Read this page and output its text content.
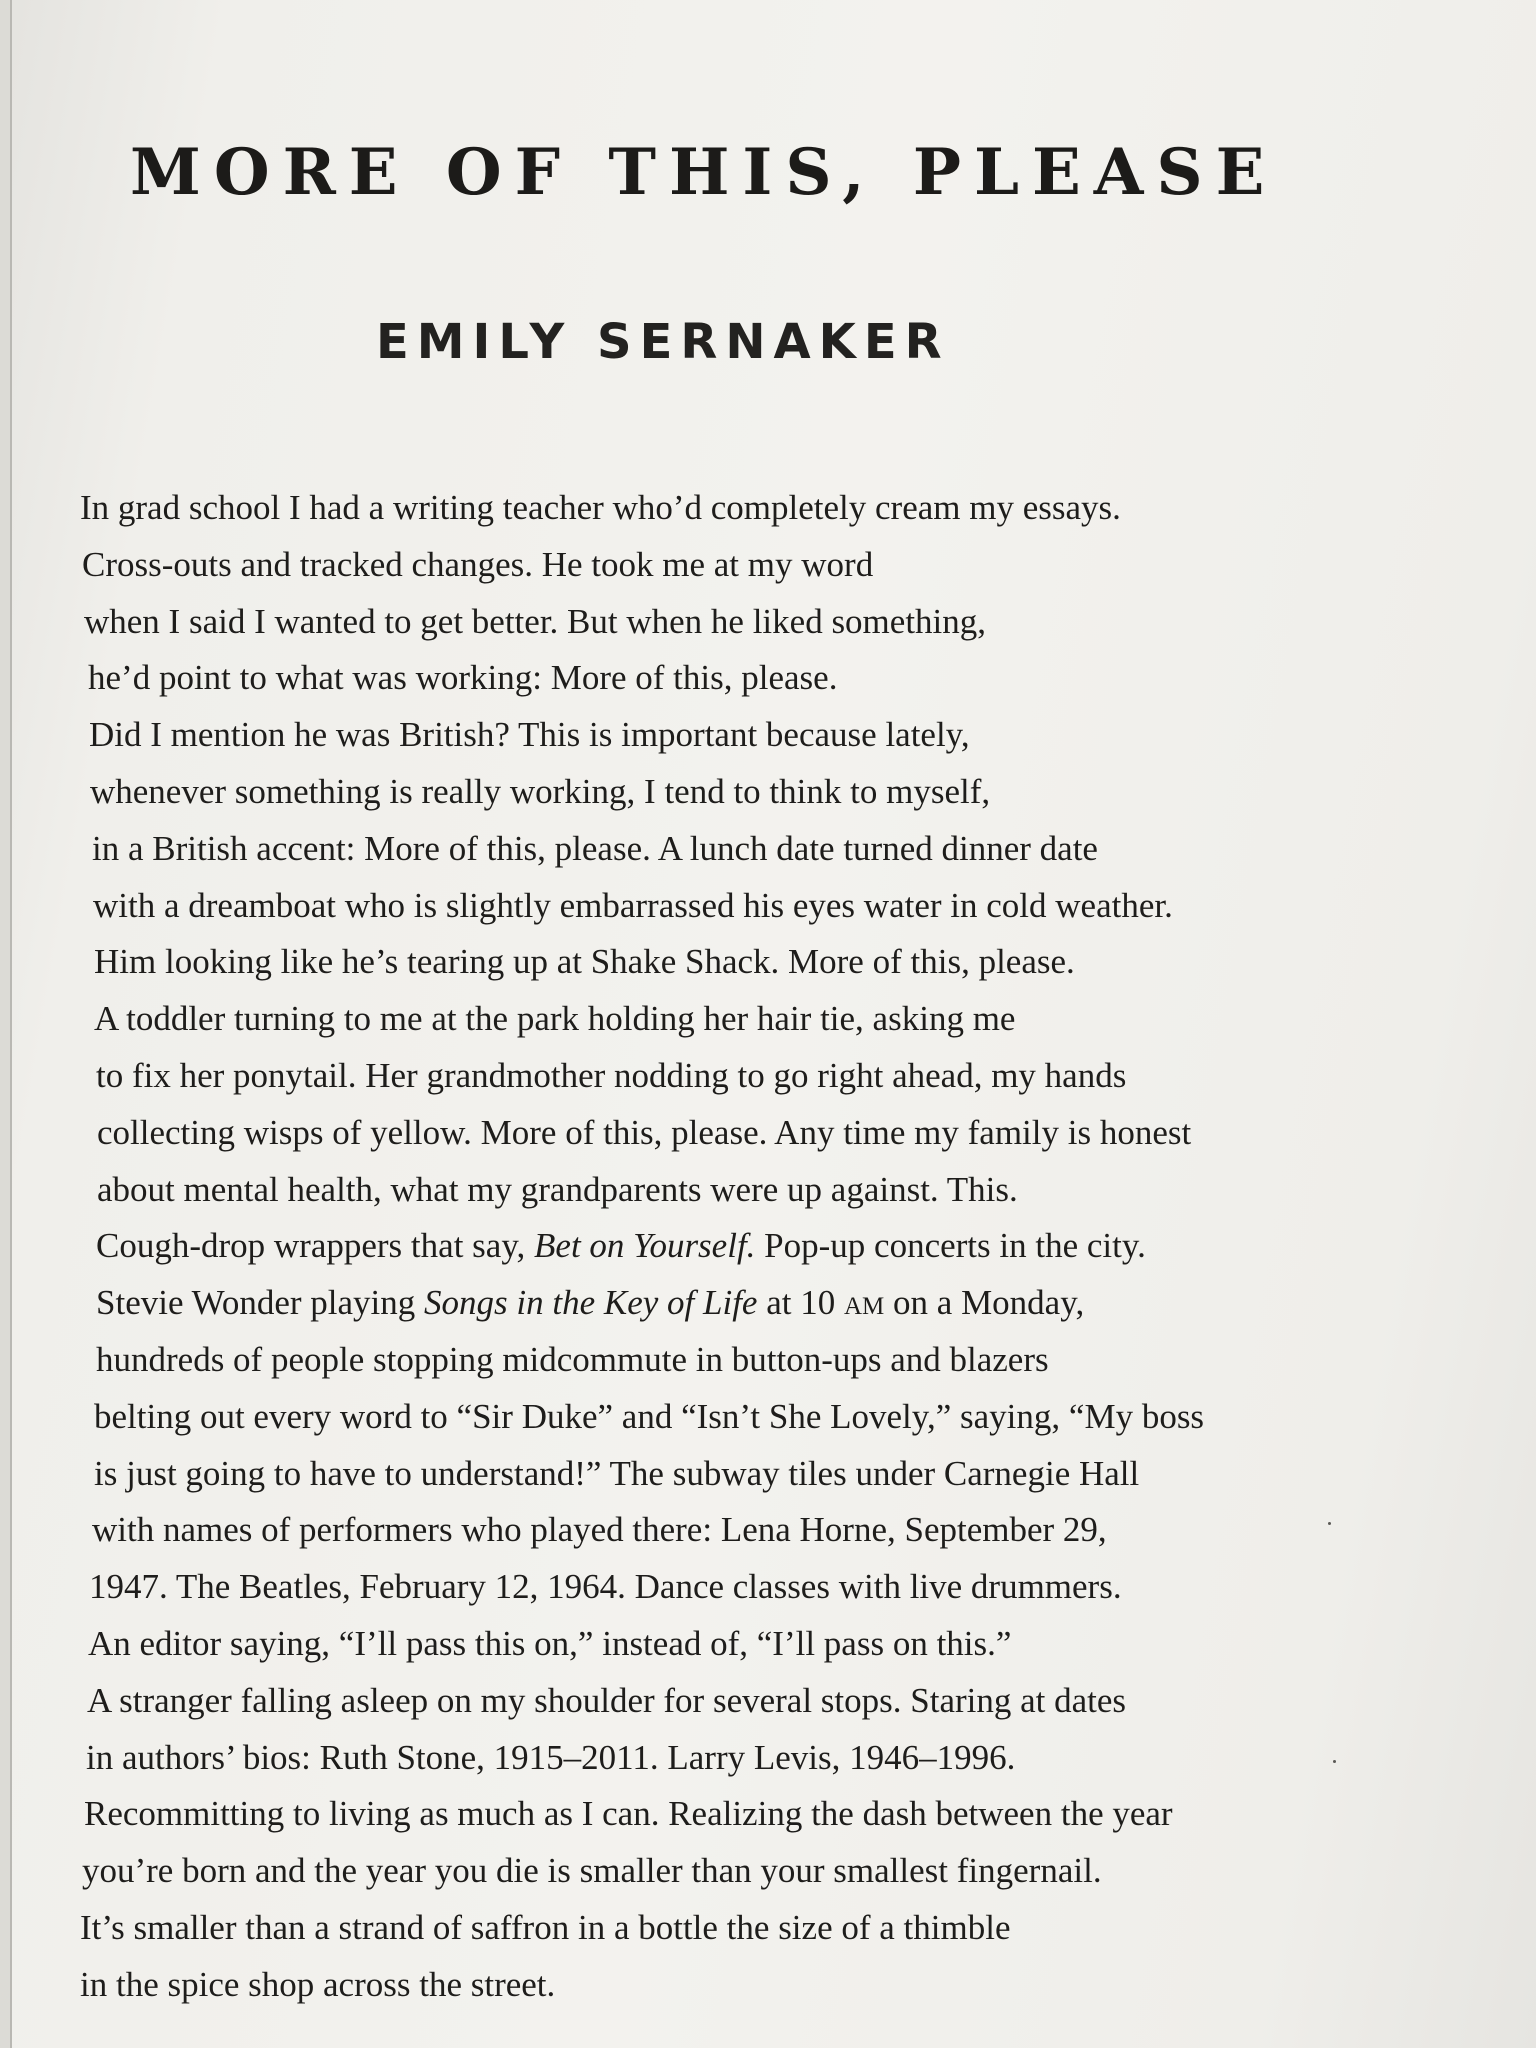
MORE OF THIS, PLEASE
EMILY SERNAKER
In grad school I had a writing teacher who’d completely cream my essays.
Cross-outs and tracked changes. He took me at my word
when I said I wanted to get better. But when he liked something,
he’d point to what was working: More of this, please.
Did I mention he was British? This is important because lately,
whenever something is really working, I tend to think to myself,
in a British accent: More of this, please. A lunch date turned dinner date
with a dreamboat who is slightly embarrassed his eyes water in cold weather.
Him looking like he’s tearing up at Shake Shack. More of this, please.
A toddler turning to me at the park holding her hair tie, asking me
to fix her ponytail. Her grandmother nodding to go right ahead, my hands
collecting wisps of yellow. More of this, please. Any time my family is honest
about mental health, what my grandparents were up against. This.
Cough-drop wrappers that say, Bet on Yourself. Pop-up concerts in the city.
Stevie Wonder playing Songs in the Key of Life at 10 am on a Monday,
hundreds of people stopping midcommute in button-ups and blazers
belting out every word to “Sir Duke” and “Isn’t She Lovely,” saying, “My boss
is just going to have to understand!” The subway tiles under Carnegie Hall
with names of performers who played there: Lena Horne, September 29,
1947. The Beatles, February 12, 1964. Dance classes with live drummers.
An editor saying, “I’ll pass this on,” instead of, “I’ll pass on this.”
A stranger falling asleep on my shoulder for several stops. Staring at dates
in authors’ bios: Ruth Stone, 1915–2011. Larry Levis, 1946–1996.
Recommitting to living as much as I can. Realizing the dash between the year
you’re born and the year you die is smaller than your smallest fingernail.
It’s smaller than a strand of saffron in a bottle the size of a thimble
in the spice shop across the street.
